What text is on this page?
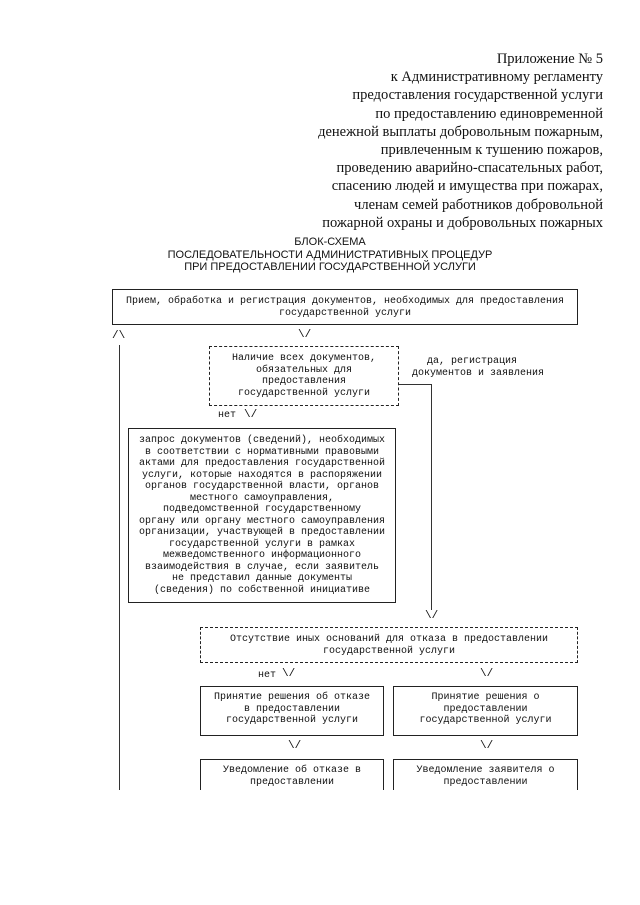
Приложение № 5
к Административному регламенту
предоставления государственной услуги
по предоставлению единовременной
денежной выплаты добровольным пожарным,
привлеченным к тушению пожаров,
проведению аварийно-спасательных работ,
спасению людей и имущества при пожарах,
членам семей работников добровольной
пожарной охраны и добровольных пожарных
БЛОК-СХЕМА
ПОСЛЕДОВАТЕЛЬНОСТИ АДМИНИСТРАТИВНЫХ ПРОЦЕДУР
ПРИ ПРЕДОСТАВЛЕНИИ ГОСУДАРСТВЕННОЙ УСЛУГИ
Прием, обработка и регистрация документов, необходимых для предоставления
государственной услуги
/\	\/
Наличие всех документов,
обязательных для
предоставления
государственной услуги
да, регистрация
документов и заявления
\/
нет \/
запрос документов (сведений), необходимых
в соответствии с нормативными правовыми
актами для предоставления государственной
услуги, которые находятся в распоряжении
органов государственной власти, органов
местного самоуправления,
подведомственной государственному
органу или органу местного самоуправления
организации, участвующей в предоставлении
государственной услуги в рамках
межведомственного информационного
взаимодействия в случае, если заявитель
не представил данные документы
(сведения) по собственной инициативе
Отсутствие иных оснований для отказа в предоставлении
государственной услуги
нет \/	\/
Принятие решения об отказе
в предоставлении
государственной услуги
Принятие решения о
предоставлении
государственной услуги
\/	\/
Уведомление об отказе в
предоставлении
Уведомление заявителя о
предоставлении
